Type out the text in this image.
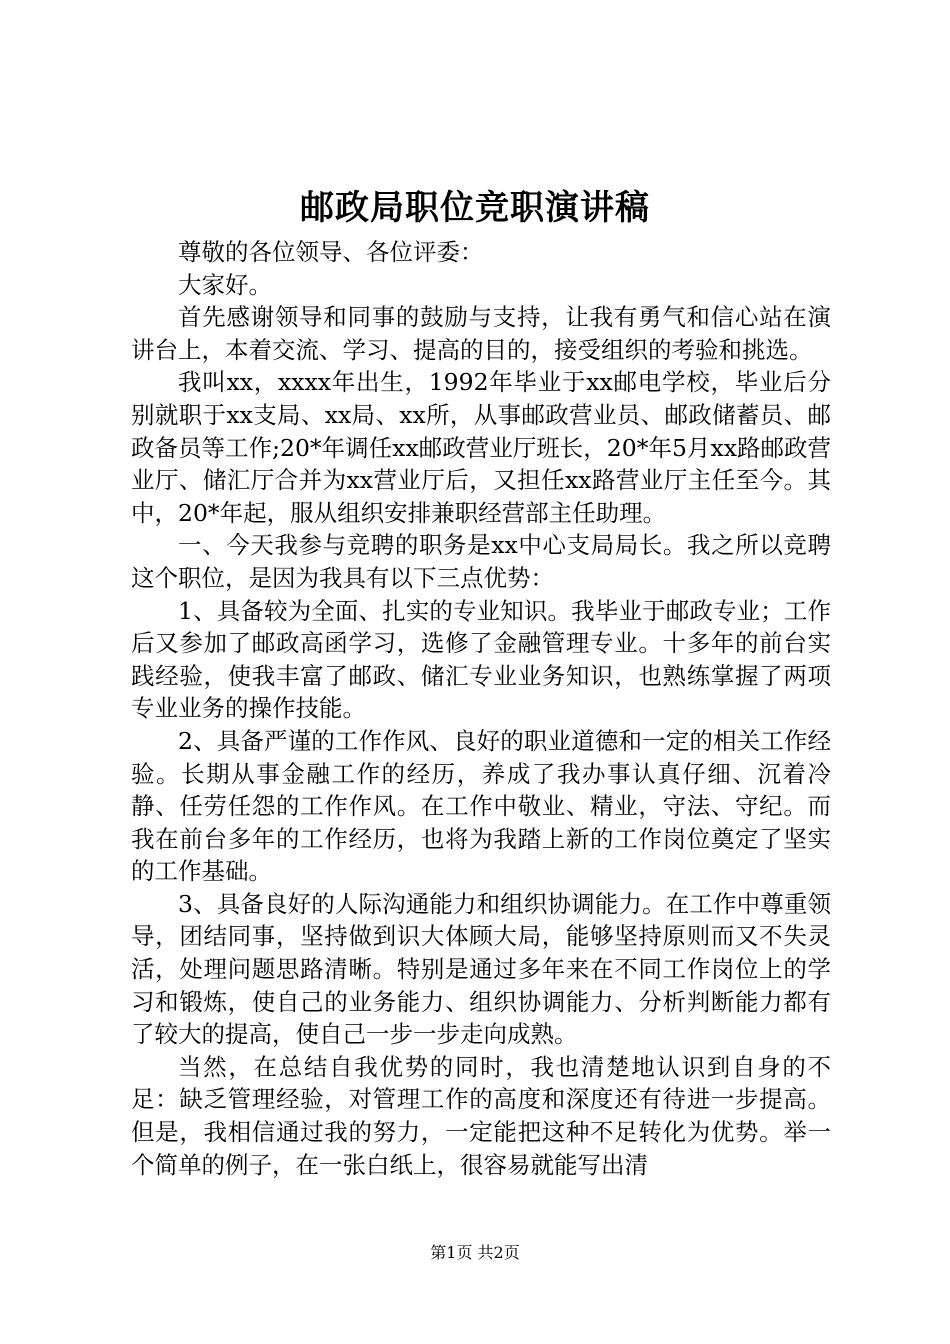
邮政局职位竞职演讲稿

尊敬的各位领导、各位评委：

大家好。

首先感谢领导和同事的鼓励与支持，让我有勇气和信心站在演讲台上，本着交流、学习、提高的目的，接受组织的考验和挑选。

我叫xx，xxxx年出生，1992年毕业于xx邮电学校，毕业后分别就职于xx支局、xx局、xx所，从事邮政营业员、邮政储蓄员、邮政备员等工作;20*年调任xx邮政营业厅班长，20*年5月xx路邮政营业厅、储汇厅合并为xx营业厅后，又担任xx路营业厅主任至今。其中，20*年起，服从组织安排兼职经营部主任助理。

一、今天我参与竞聘的职务是xx中心支局局长。我之所以竞聘这个职位，是因为我具有以下三点优势：

1、具备较为全面、扎实的专业知识。我毕业于邮政专业；工作后又参加了邮政高函学习，选修了金融管理专业。十多年的前台实践经验，使我丰富了邮政、储汇专业业务知识，也熟练掌握了两项专业业务的操作技能。

2、具备严谨的工作作风、良好的职业道德和一定的相关工作经验。长期从事金融工作的经历，养成了我办事认真仔细、沉着冷静、任劳任怨的工作作风。在工作中敬业、精业，守法、守纪。而我在前台多年的工作经历，也将为我踏上新的工作岗位奠定了坚实的工作基础。

3、具备良好的人际沟通能力和组织协调能力。在工作中尊重领导，团结同事，坚持做到识大体顾大局，能够坚持原则而又不失灵活，处理问题思路清晰。特别是通过多年来在不同工作岗位上的学习和锻炼，使自己的业务能力、组织协调能力、分析判断能力都有了较大的提高，使自己一步一步走向成熟。

当然，在总结自我优势的同时，我也清楚地认识到自身的不足：缺乏管理经验，对管理工作的高度和深度还有待进一步提高。但是，我相信通过我的努力，一定能把这种不足转化为优势。举一个简单的例子，在一张白纸上，很容易就能写出清

第1页 共2页
